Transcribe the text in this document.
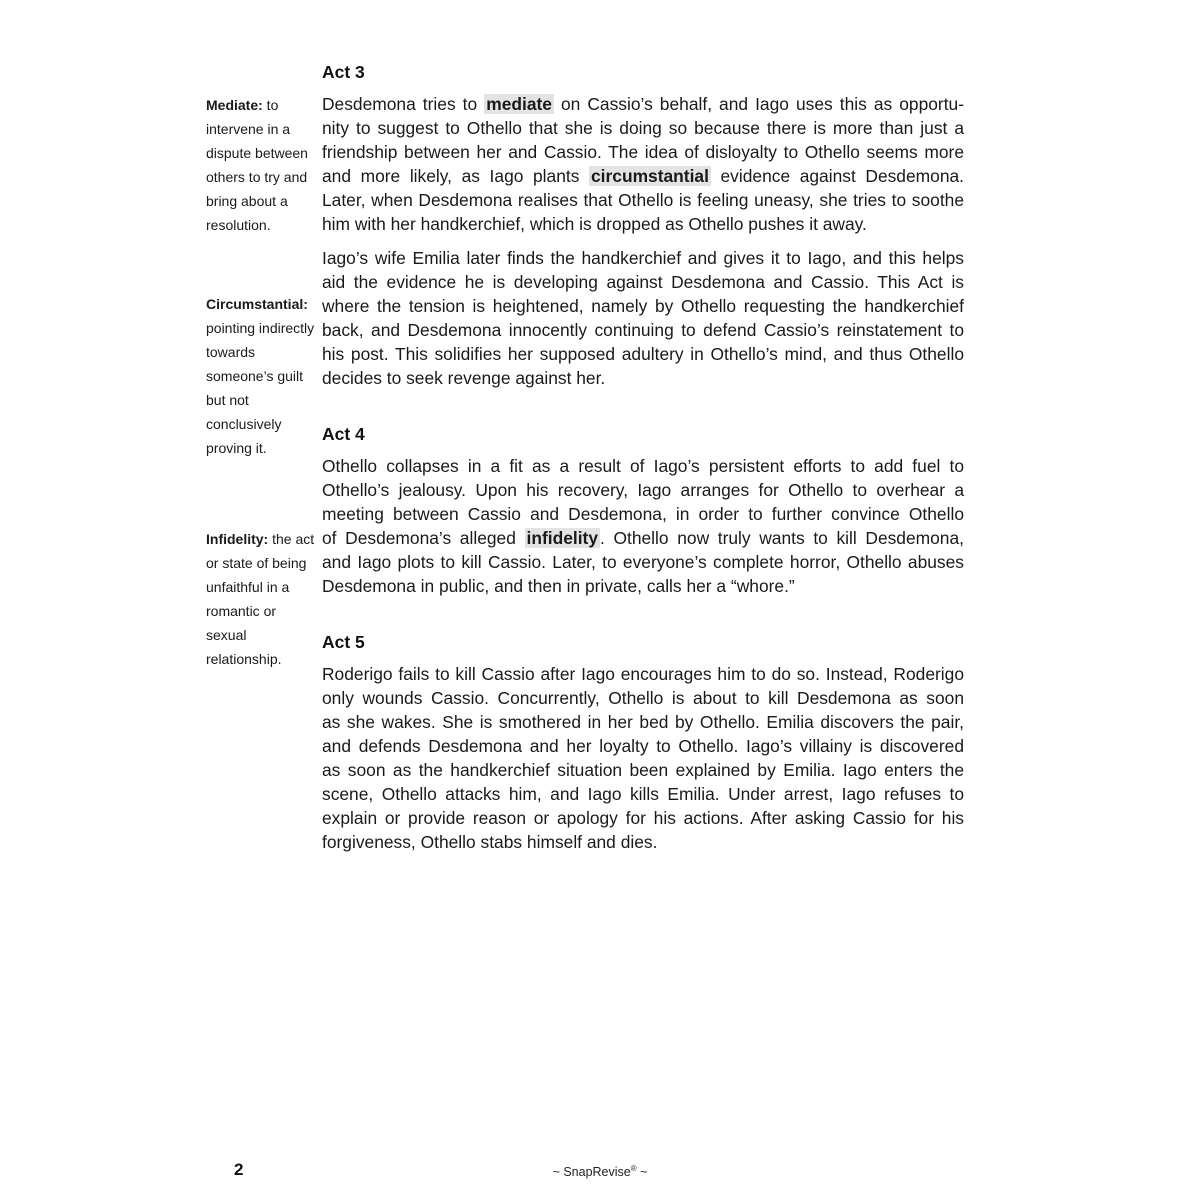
Mediate: to intervene in a dispute between others to try and bring about a resolution.
Circumstantial: pointing indirectly towards someone’s guilt but not conclusively proving it.
Infidelity: the act or state of being unfaithful in a romantic or sexual relationship.
Act 3
Desdemona tries to mediate on Cassio’s behalf, and Iago uses this as opportu-
nity to suggest to Othello that she is doing so because there is more than just a
friendship between her and Cassio. The idea of disloyalty to Othello seems more
and more likely, as Iago plants circumstantial evidence against Desdemona.
Later, when Desdemona realises that Othello is feeling uneasy, she tries to soothe
him with her handkerchief, which is dropped as Othello pushes it away.
Iago’s wife Emilia later finds the handkerchief and gives it to Iago, and this helps
aid the evidence he is developing against Desdemona and Cassio. This Act is
where the tension is heightened, namely by Othello requesting the handkerchief
back, and Desdemona innocently continuing to defend Cassio’s reinstatement to
his post. This solidifies her supposed adultery in Othello’s mind, and thus Othello
decides to seek revenge against her.
Act 4
Othello collapses in a fit as a result of Iago’s persistent efforts to add fuel to
Othello’s jealousy. Upon his recovery, Iago arranges for Othello to overhear a
meeting between Cassio and Desdemona, in order to further convince Othello
of Desdemona’s alleged infidelity . Othello now truly wants to kill Desdemona,
and Iago plots to kill Cassio. Later, to everyone’s complete horror, Othello abuses
Desdemona in public, and then in private, calls her a “whore.”
Act 5
Roderigo fails to kill Cassio after Iago encourages him to do so. Instead, Roderigo
only wounds Cassio. Concurrently, Othello is about to kill Desdemona as soon
as she wakes. She is smothered in her bed by Othello. Emilia discovers the pair,
and defends Desdemona and her loyalty to Othello. Iago’s villainy is discovered
as soon as the handkerchief situation been explained by Emilia. Iago enters the
scene, Othello attacks him, and Iago kills Emilia. Under arrest, Iago refuses to
explain or provide reason or apology for his actions. After asking Cassio for his
forgiveness, Othello stabs himself and dies.
2	~ SnapRevise® ~
